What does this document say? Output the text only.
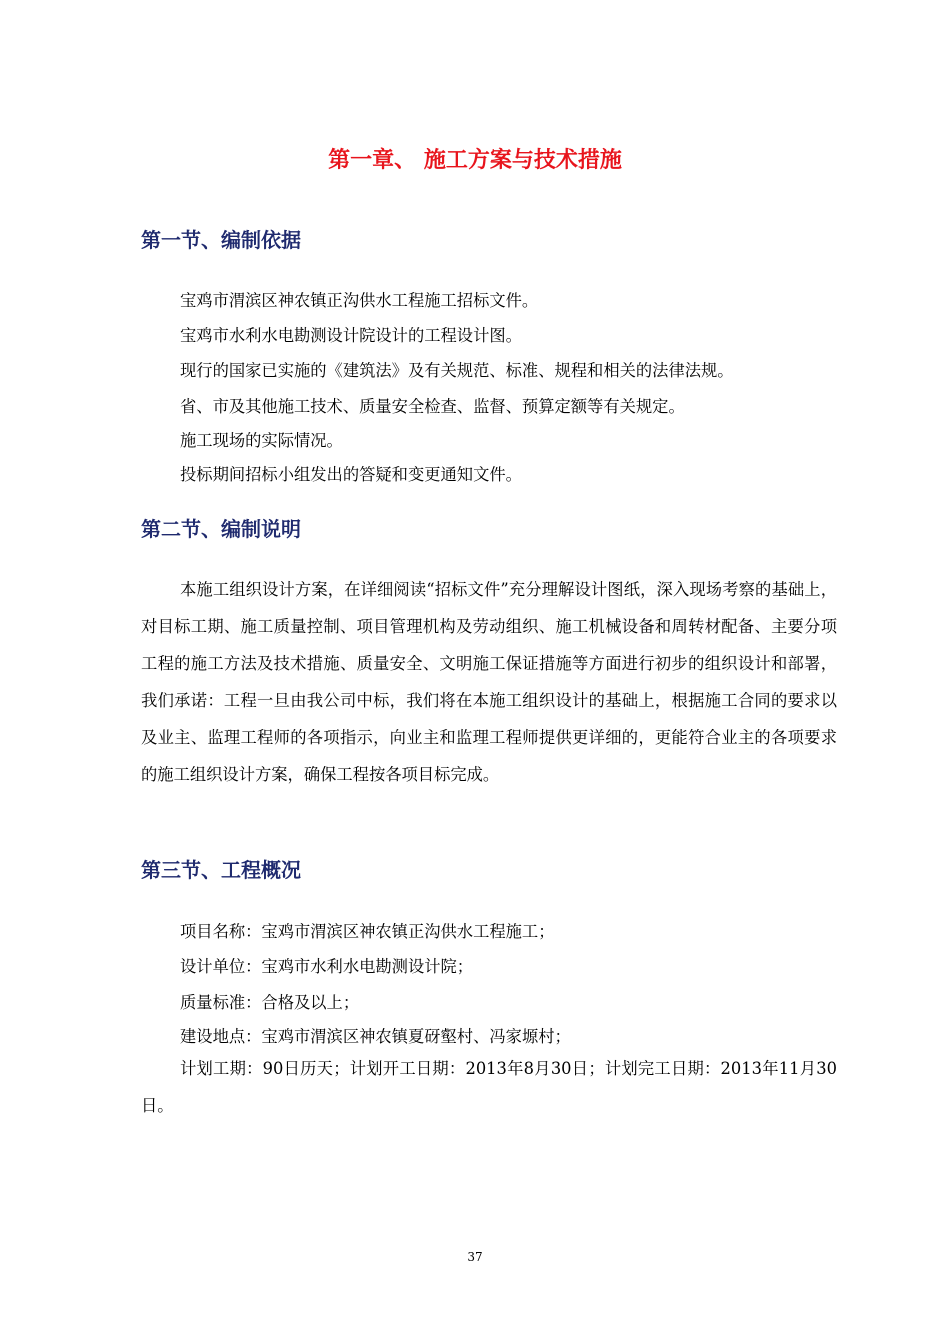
第一章、 施工方案与技术措施
第一节、编制依据

宝鸡市渭滨区神农镇正沟供水工程施工招标文件。

宝鸡市水利水电勘测设计院设计的工程设计图。

现行的国家已实施的《建筑法》及有关规范、标准、规程和相关的法律法规。

省、市及其他施工技术、质量安全检查、监督、预算定额等有关规定。

施工现场的实际情况。

投标期间招标小组发出的答疑和变更通知文件。

第二节、编制说明

本施工组织设计方案，在详细阅读“招标文件”充分理解设计图纸，深入现场考察的基础上，对目标工期、施工质量控制、项目管理机构及劳动组织、施工机械设备和周转材配备、主要分项工程的施工方法及技术措施、质量安全、文明施工保证措施等方面进行初步的组织设计和部署，我们承诺：工程一旦由我公司中标，我们将在本施工组织设计的基础上，根据施工合同的要求以及业主、监理工程师的各项指示，向业主和监理工程师提供更详细的，更能符合业主的各项要求的施工组织设计方案，确保工程按各项目标完成。

第三节、工程概况

项目名称：宝鸡市渭滨区神农镇正沟供水工程施工；

设计单位：宝鸡市水利水电勘测设计院；

质量标准：合格及以上；

建设地点：宝鸡市渭滨区神农镇夏砑壑村、冯家塬村；

计划工期：90日历天；计划开工日期：2013年8月30日；计划完工日期：2013年11月30日。

37
